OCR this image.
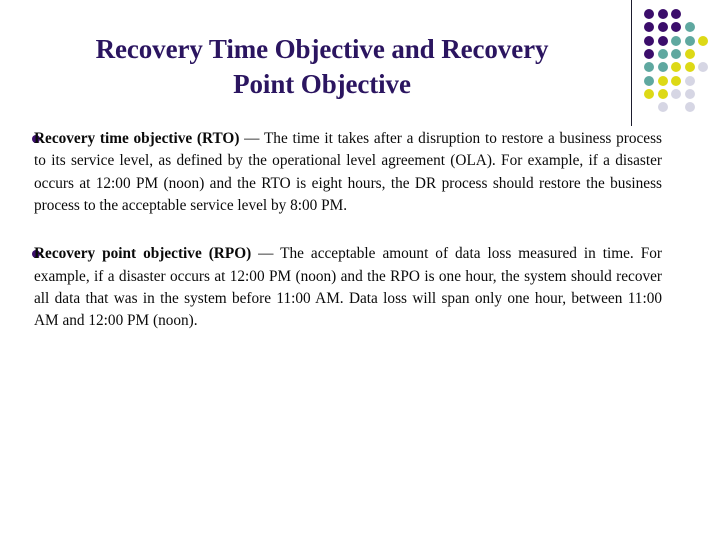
Recovery Time Objective and Recovery
Point Objective
Recovery time objective (RTO) — The time it takes after a disruption to restore a business process to its service level, as defined by the operational level agreement (OLA). For example, if a disaster occurs at 12:00 PM (noon) and the RTO is eight hours, the DR process should restore the business process to the acceptable service level by 8:00 PM.
Recovery point objective (RPO) — The acceptable amount of data loss measured in time. For example, if a disaster occurs at 12:00 PM (noon) and the RPO is one hour, the system should recover all data that was in the system before 11:00 AM. Data loss will span only one hour, between 11:00 AM and 12:00 PM (noon).
